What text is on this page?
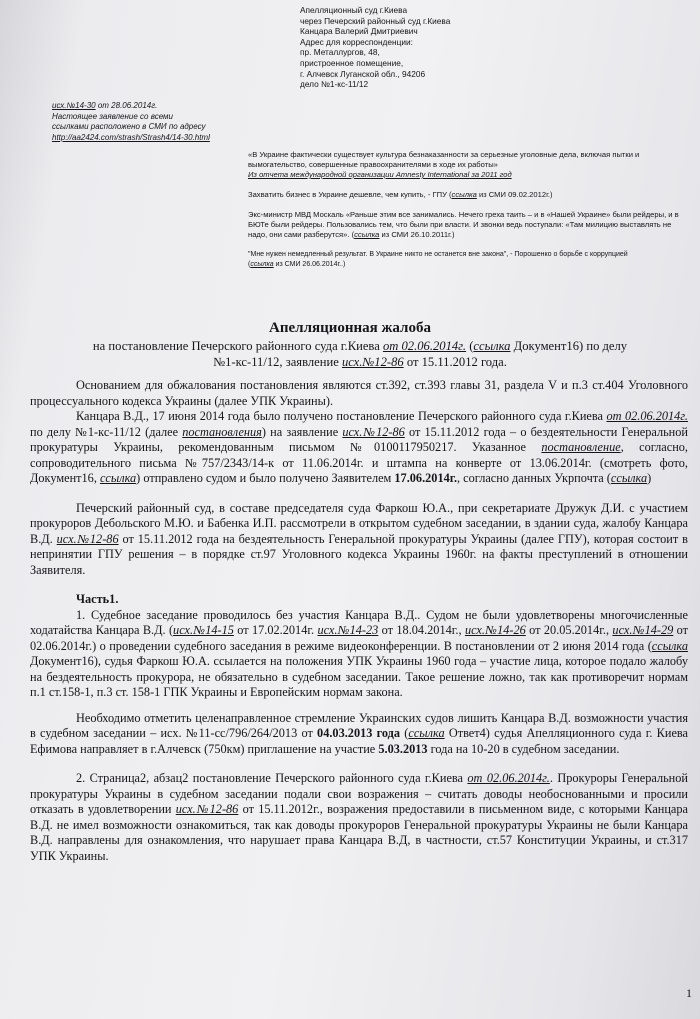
Апелляционный суд г.Киева
через Печерский районный суд г.Киева
Канцара Валерий Дмитриевич
Адрес для корреспонденции:
пр. Металлургов, 48,
пристроенное помещение,
г. Алчевск Луганской обл., 94206
дело №1-кс-11/12
исх.№14-30 от 28.06.2014г.
Настоящее заявление со всеми
ссылками расположено в СМИ по адресу
http://aa2424.com/strash/Strash4/14-30.html

«В Украине фактически существует культура безнаказанности за серьезные уголовные дела, включая пытки и вымогательство, совершенные правоохранителями в ходе их работы»
Из отчета международной организации Amnesty International за 2011 год

Захватить бизнес в Украине дешевле, чем купить, - ГПУ (ссылка из СМИ 09.02.2012г.)

Экс-министр МВД Москаль «Раньше этим все занимались. Нечего греха таить – и в «Нашей Украине» были рейдеры, и в БЮТе были рейдеры. Пользовались тем, что были при власти. И звонки ведь поступали: «Там милицию выставлять не надо, они сами разберутся». (ссылка из СМИ 26.10.2011г.)

"Мне нужен немедленный результат. В Украине никто не останется вне закона", - Порошенко о борьбе с коррупцией
(ссылка из СМИ 26.06.2014г..)

Апелляционная жалоба
на постановление Печерского районного суда г.Киева от 02.06.2014г. (ссылка Документ16) по делу
№1-кс-11/12, заявление исх.№12-86 от 15.11.2012 года.

Основанием для обжалования постановления являются ст.392, ст.393 главы 31, раздела V и п.3 ст.404 Уголовного процессуального кодекса Украины (далее УПК Украины).

Канцара В.Д., 17 июня 2014 года было получено постановление Печерского районного суда г.Киева от 02.06.2014г. по делу №1-кс-11/12 (далее постановления) на заявление исх.№12-86 от 15.11.2012 года – о бездеятельности Генеральной прокуратуры Украины, рекомендованным письмом №0100117950217. Указанное постановление, согласно, сопроводительного письма №757/2343/14-к от 11.06.2014г. и штампа на конверте от 13.06.2014г. (смотреть фото, Документ16, ссылка) отправлено судом и было получено Заявителем 17.06.2014г., согласно данных Укрпочта (ссылка)

Печерский районный суд, в составе председателя суда Фаркош Ю.А., при секретариате Дружук Д.И. с участием прокуроров Дебольского М.Ю. и Бабенка И.П. рассмотрели в открытом судебном заседании, в здании суда, жалобу Канцара В.Д. исх.№12-86 от 15.11.2012 года на бездеятельность Генеральной прокуратуры Украины (далее ГПУ), которая состоит в непринятии ГПУ решения – в порядке ст.97 Уголовного кодекса Украины 1960г. на факты преступлений в отношении Заявителя.

Часть1.

1. Судебное заседание проводилось без участия Канцара В.Д.. Судом не были удовлетворены многочисленные ходатайства Канцара В.Д. (исх.№14-15 от 17.02.2014г. исх.№14-23 от 18.04.2014г., исх.№14-26 от 20.05.2014г., исх.№14-29 от 02.06.2014г.) о проведении судебного заседания в режиме видеоконференции. В постановлении от 2 июня 2014 года (ссылка Документ16), судья Фаркош Ю.А. ссылается на положения УПК Украины 1960 года – участие лица, которое подало жалобу на бездеятельность прокурора, не обязательно в судебном заседании. Такое решение ложно, так как противоречит нормам п.1 ст.158-1, п.3 ст. 158-1 ГПК Украины и Европейским нормам закона.

Необходимо отметить целенаправленное стремление Украинских судов лишить Канцара В.Д. возможности участия в судебном заседании – исх. №11-сс/796/264/2013 от 04.03.2013 года (ссылка Ответ4) судья Апелляционного суда г. Киева Ефимова направляет в г.Алчевск (750км) приглашение на участие 5.03.2013 года на 10-20 в судебном заседании.

2. Страница2, абзац2 постановление Печерского районного суда г.Киева от 02.06.2014г.. Прокуроры Генеральной прокуратуры Украины в судебном заседании подали свои возражения – считать доводы необоснованными и просили отказать в удовлетворении исх.№12-86 от 15.11.2012г., возражения предоставили в письменном виде, с которыми Канцара В.Д. не имел возможности ознакомиться, так как доводы прокуроров Генеральной прокуратуры Украины не были Канцара В.Д. направлены для ознакомления, что нарушает права Канцара В.Д, в частности, ст.57 Конституции Украины, и ст.317 УПК Украины.

1
